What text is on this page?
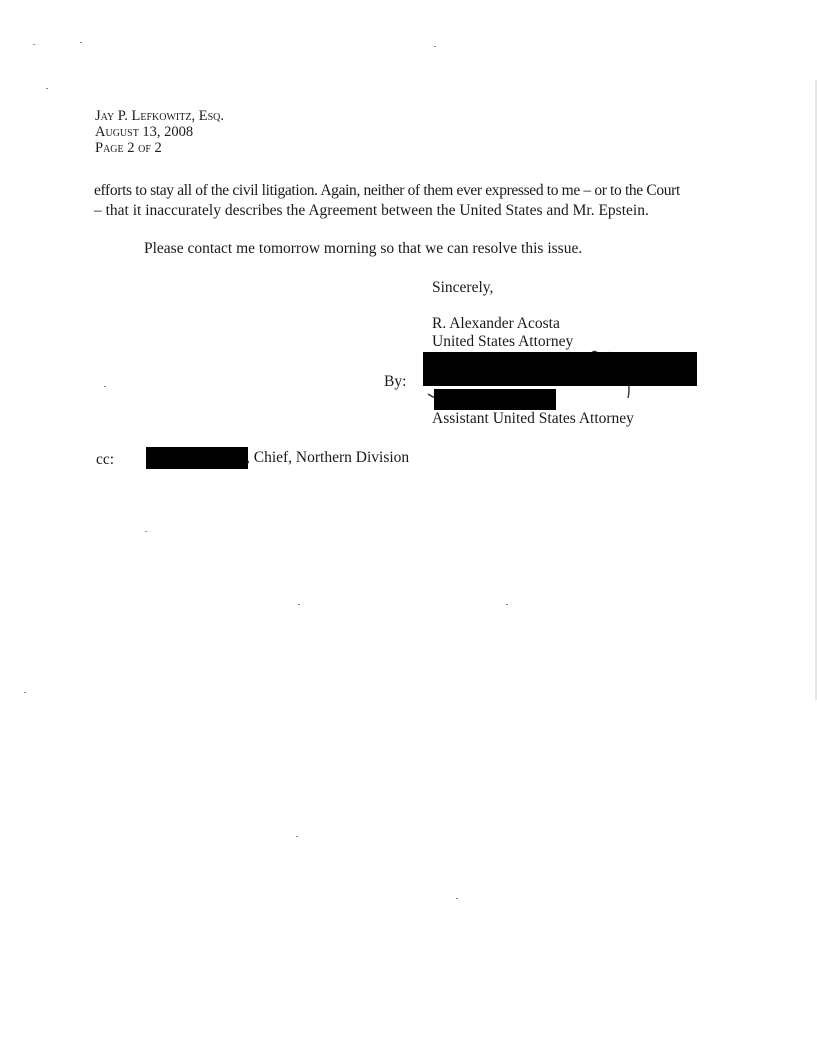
Jay P. Lefkowitz, Esq.
August 13, 2008
Page 2 of 2
efforts to stay all of the civil litigation. Again, neither of them ever expressed to me – or to the Court
– that it inaccurately describes the Agreement between the United States and Mr. Epstein.
Please contact me tomorrow morning so that we can resolve this issue.
Sincerely,
R. Alexander Acosta
United States Attorney
By:
Assistant United States Attorney
cc:	, Chief, Northern Division
